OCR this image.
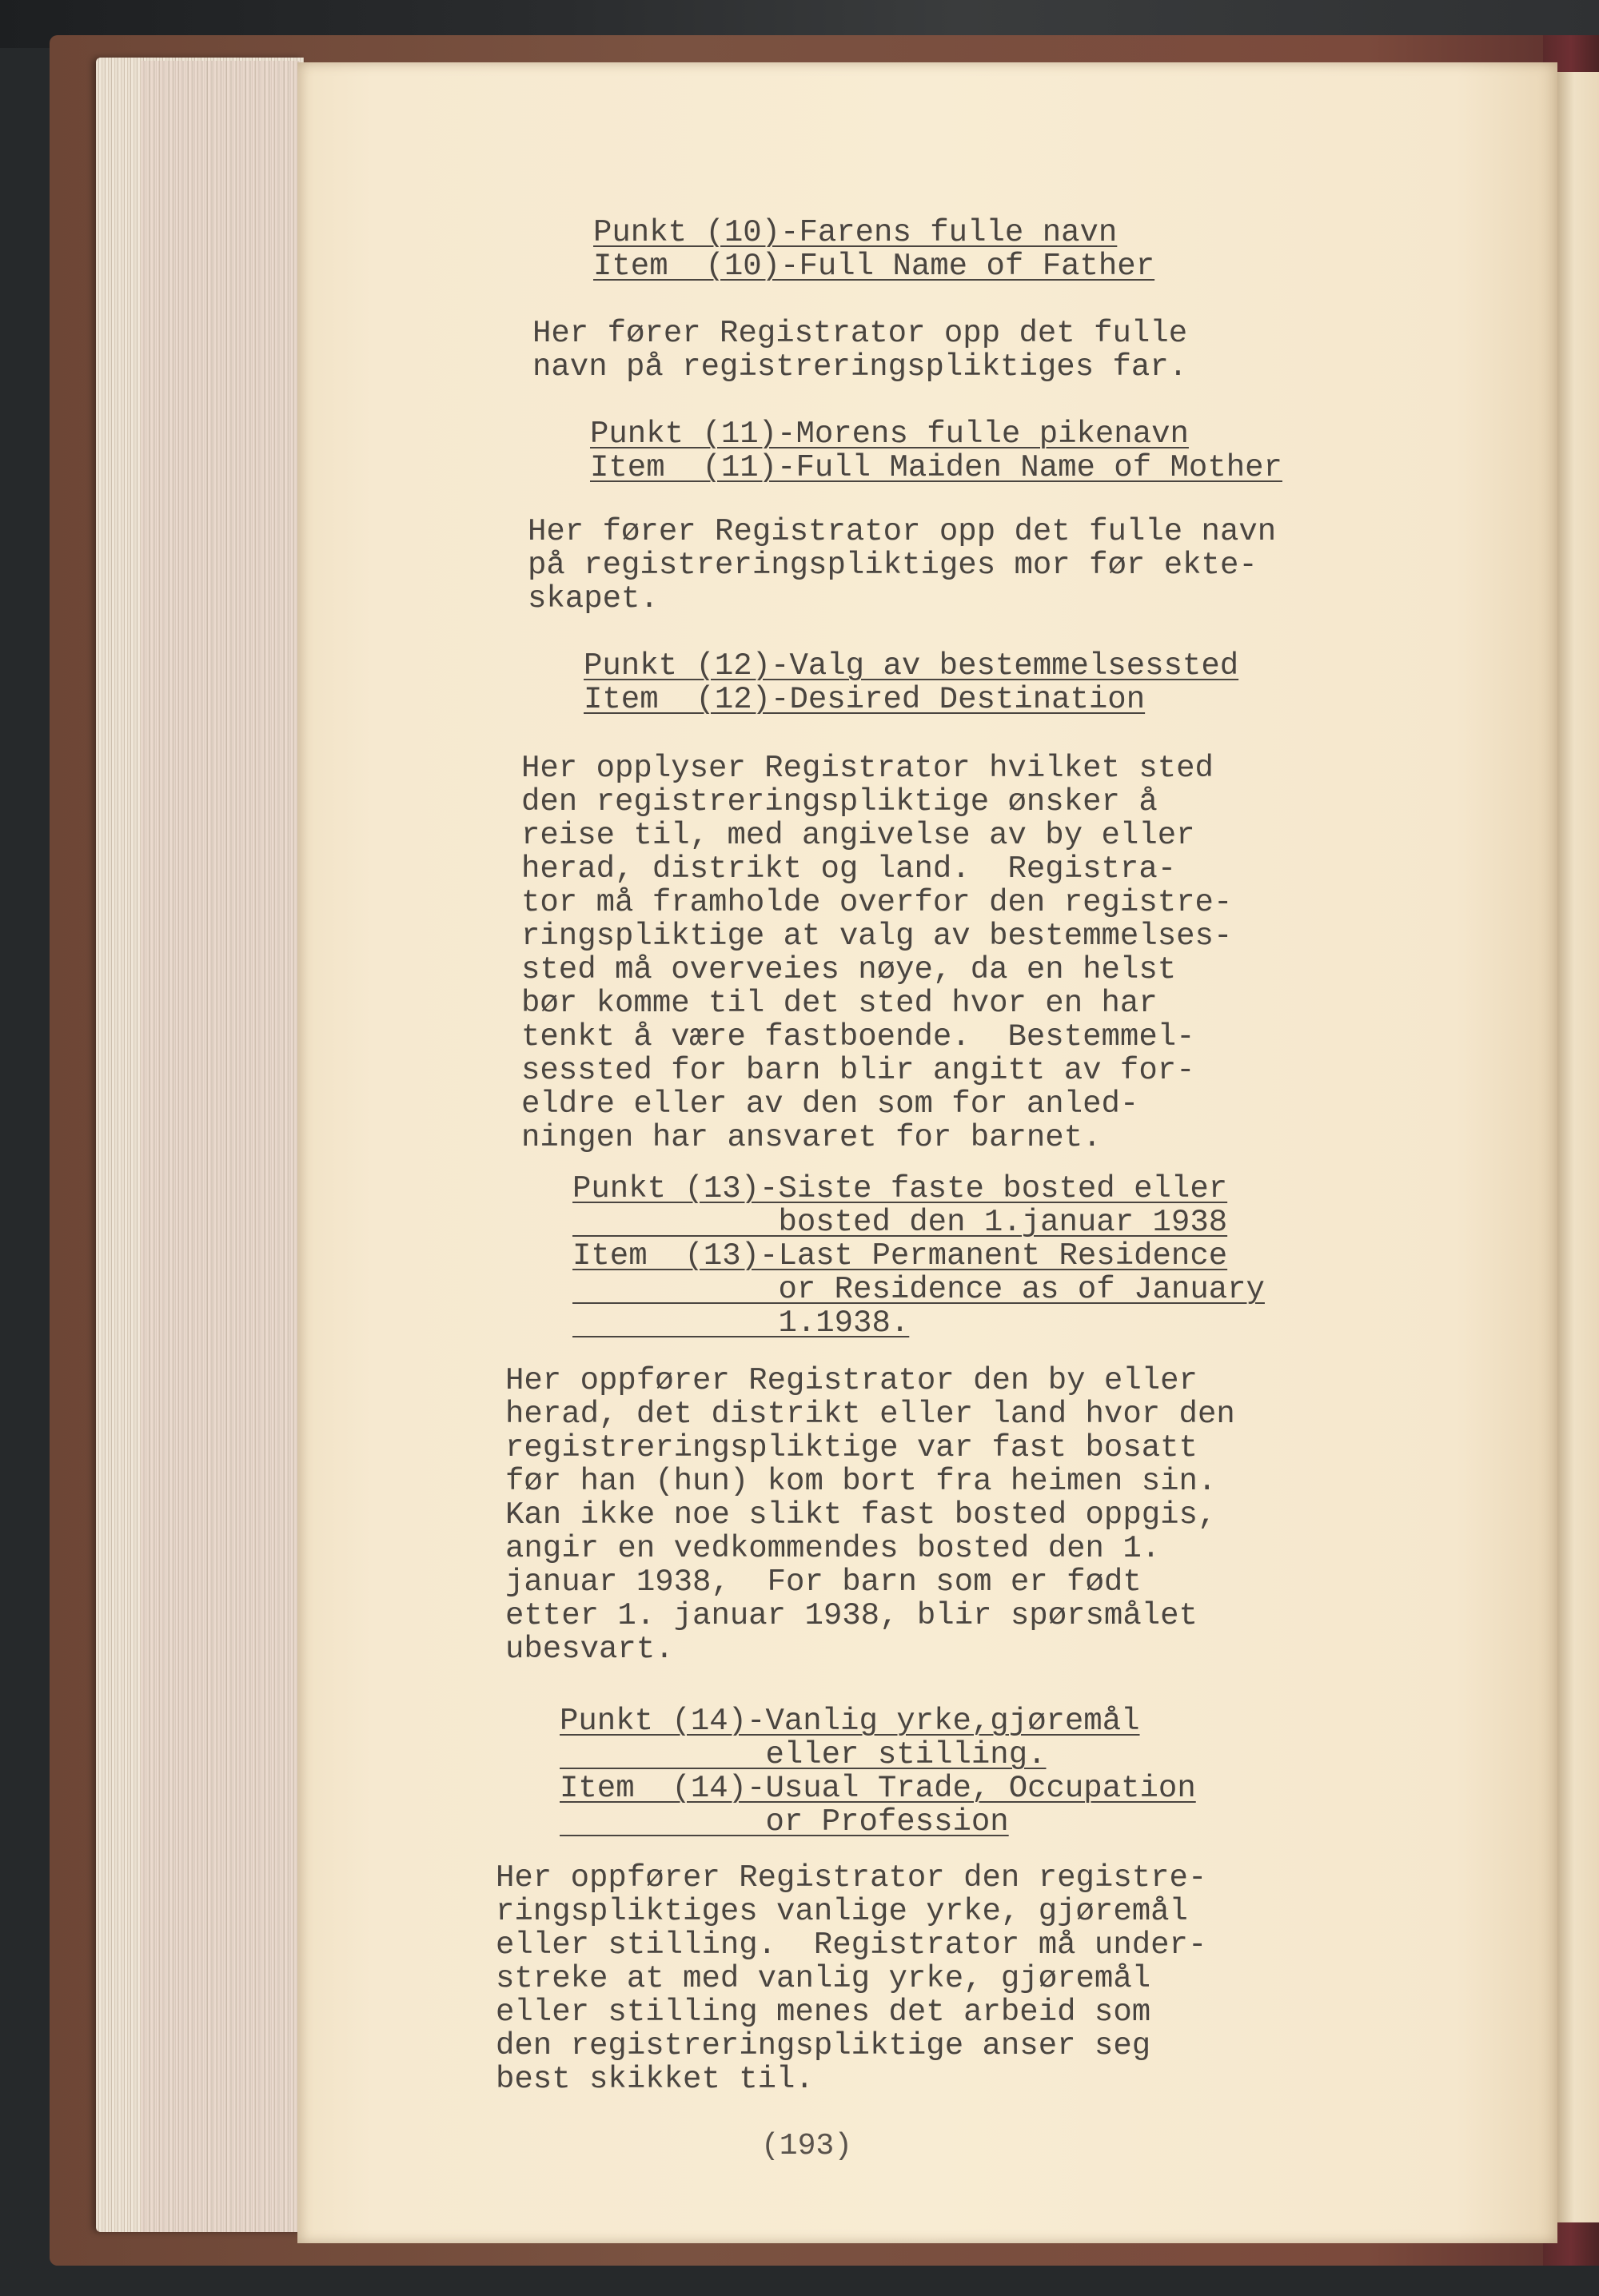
Punkt (10)-Farens fulle navn
Item  (10)-Full Name of Father
Her fører Registrator opp det fulle
navn på registreringspliktiges far.
Punkt (11)-Morens fulle pikenavn
Item  (11)-Full Maiden Name of Mother
Her fører Registrator opp det fulle navn
på registreringspliktiges mor før ekte-
skapet.
Punkt (12)-Valg av bestemmelsessted
Item  (12)-Desired Destination
Her opplyser Registrator hvilket sted
den registreringspliktige ønsker å
reise til, med angivelse av by eller
herad, distrikt og land.  Registra-
tor må framholde overfor den registre-
ringspliktige at valg av bestemmelses-
sted må overveies nøye, da en helst
bør komme til det sted hvor en har
tenkt å være fastboende.  Bestemmel-
sessted for barn blir angitt av for-
eldre eller av den som for anled-
ningen har ansvaret for barnet.
Punkt (13)-Siste faste bosted eller
bosted den 1.januar 1938
Item  (13)-Last Permanent Residence
or Residence as of January
1.1938.
Her oppfører Registrator den by eller
herad, det distrikt eller land hvor den
registreringspliktige var fast bosatt
før han (hun) kom bort fra heimen sin.
Kan ikke noe slikt fast bosted oppgis,
angir en vedkommendes bosted den 1.
januar 1938,  For barn som er født
etter 1. januar 1938, blir spørsmålet
ubesvart.
Punkt (14)-Vanlig yrke,gjøremål
eller stilling.
Item  (14)-Usual Trade, Occupation
or Profession
Her oppfører Registrator den registre-
ringspliktiges vanlige yrke, gjøremål
eller stilling.  Registrator må under-
streke at med vanlig yrke, gjøremål
eller stilling menes det arbeid som
den registreringspliktige anser seg
best skikket til.
(193)
